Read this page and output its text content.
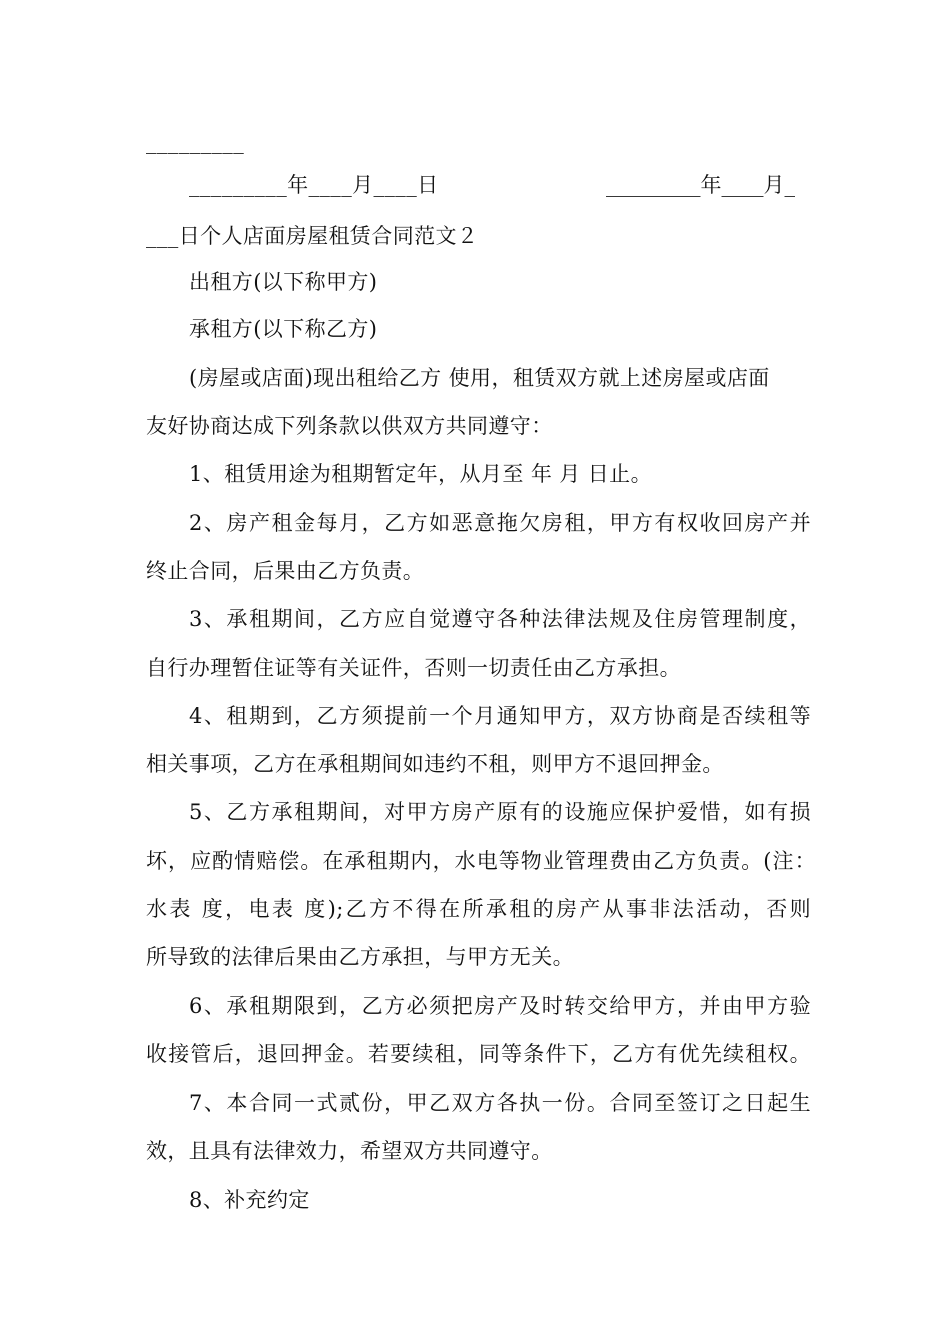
_________
_________年____月____日	_________年____月_
___日个人店面房屋租赁合同范文２
出租方(以下称甲方)
承租方(以下称乙方)
(房屋或店面)现出租给乙方 使用，租赁双方就上述房屋或店面
友好协商达成下列条款以供双方共同遵守：
1、租赁用途为租期暂定年，从月至 年 月 日止。
2、房产租金每月，乙方如恶意拖欠房租，甲方有权收回房产并
终止合同，后果由乙方负责。
3、承租期间，乙方应自觉遵守各种法律法规及住房管理制度，
自行办理暂住证等有关证件，否则一切责任由乙方承担。
4、租期到，乙方须提前一个月通知甲方，双方协商是否续租等
相关事项，乙方在承租期间如违约不租，则甲方不退回押金。
5、乙方承租期间，对甲方房产原有的设施应保护爱惜，如有损
坏，应酌情赔偿。在承租期内，水电等物业管理费由乙方负责。(注：
水表 度，电表 度);乙方不得在所承租的房产从事非法活动，否则
所导致的法律后果由乙方承担，与甲方无关。
6、承租期限到，乙方必须把房产及时转交给甲方，并由甲方验
收接管后，退回押金。若要续租，同等条件下，乙方有优先续租权。
7、本合同一式贰份，甲乙双方各执一份。合同至签订之日起生
效，且具有法律效力，希望双方共同遵守。
8、补充约定
